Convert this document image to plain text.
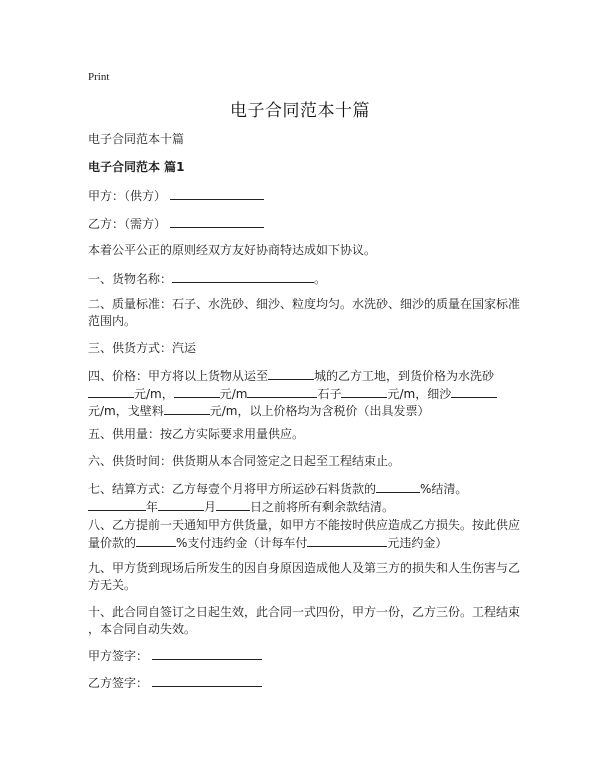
Print
电子合同范本十篇
电子合同范本十篇
电子合同范本 篇1
甲方：（供方）
乙方：（需方）
本着公平公正的原则经双方友好协商特达成如下协议。
一、货物名称：	。
二、质量标准：石子、水洗砂、细沙、粒度均匀。水洗砂、细沙的质量在国家标准
范围内。
三、供货方式：汽运
四、价格：甲方将以上货物从运至	城的乙方工地，到货价格为水洗砂
元/m，	元/m	石子	元/m，细沙
元/m，戈壁料	元/m，以上价格均为含税价（出具发票）
五、供用量：按乙方实际要求用量供应。
六、供货时间：供货期从本合同签定之日起至工程结束止。
七、结算方式：乙方每壹个月将甲方所运砂石料货款的	%结清。
年	月	日之前将所有剩余款结清。
八、乙方提前一天通知甲方供货量，如甲方不能按时供应造成乙方损失。按此供应
量价款的	%支付违约金（计每车付	元违约金）
九、甲方货到现场后所发生的因自身原因造成他人及第三方的损失和人生伤害与乙
方无关。
十、此合同自签订之日起生效，此合同一式四份，甲方一份，乙方三份。工程结束
，本合同自动失效。
甲方签字：
乙方签字：
